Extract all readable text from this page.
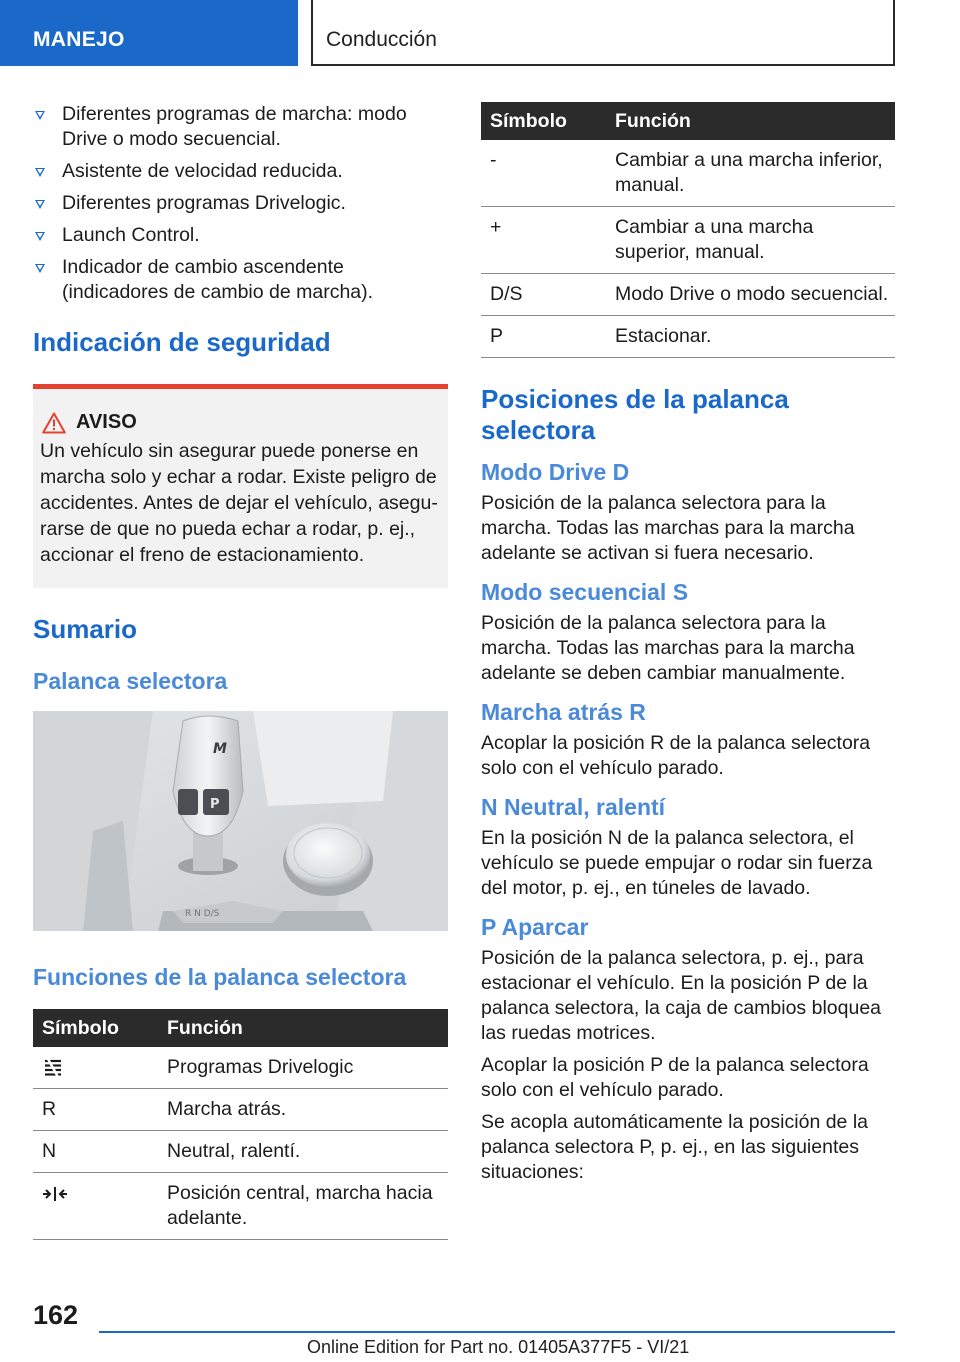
MANEJO	Conducción
Diferentes programas de marcha: modo Drive o modo secuencial.
Asistente de velocidad reducida.
Diferentes programas Drivelogic.
Launch Control.
Indicador de cambio ascendente (indicadores de cambio de marcha).
Indicación de seguridad
AVISO

Un vehículo sin asegurar puede ponerse en marcha solo y echar a rodar. Existe peligro de accidentes. Antes de dejar el vehículo, asegurarse de que no pueda echar a rodar, p. ej., accionar el freno de estacionamiento.

Sumario
Palanca selectora
R N D/S
M
P
Funciones de la palanca selectora
Símbolo	Función
	Programas Drivelogic
R	Marcha atrás.
N	Neutral, ralentí.
	Posición central, marcha hacia adelante.
Símbolo	Función
-	Cambiar a una marcha inferior, manual.
+	Cambiar a una marcha superior, manual.
D/S	Modo Drive o modo secuencial.
P	Estacionar.
Posiciones de la palanca selectora
Modo Drive D

Posición de la palanca selectora para la marcha. Todas las marchas para la marcha adelante se activan si fuera necesario.

Modo secuencial S

Posición de la palanca selectora para la marcha. Todas las marchas para la marcha adelante se deben cambiar manualmente.

Marcha atrás R

Acoplar la posición R de la palanca selectora solo con el vehículo parado.

N Neutral, ralentí

En la posición N de la palanca selectora, el vehículo se puede empujar o rodar sin fuerza del motor, p. ej., en túneles de lavado.

P Aparcar

Posición de la palanca selectora, p. ej., para estacionar el vehículo. En la posición P de la palanca selectora, la caja de cambios bloquea las ruedas motrices.

Acoplar la posición P de la palanca selectora solo con el vehículo parado.

Se acopla automáticamente la posición de la palanca selectora P, p. ej., en las siguientes situaciones:

162
Online Edition for Part no. 01405A377F5 - VI/21
